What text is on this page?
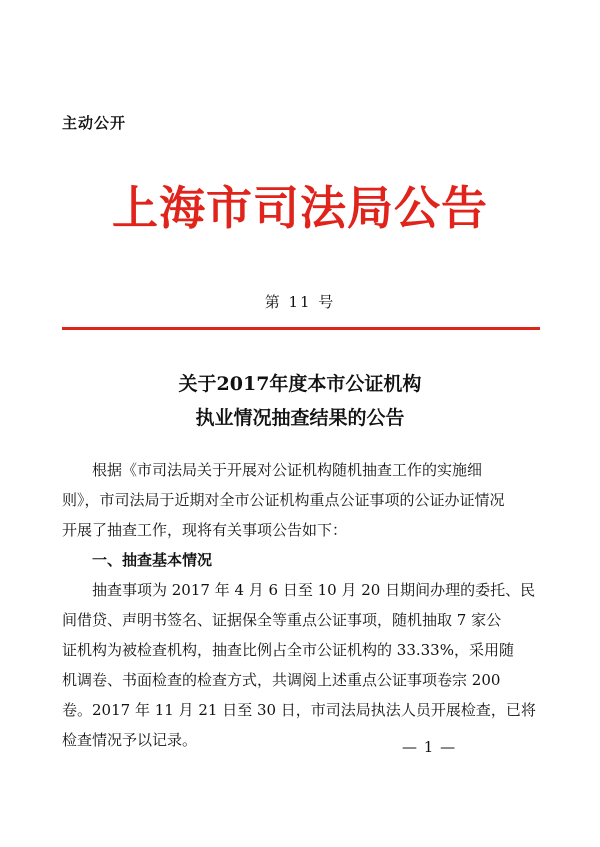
主动公开
上海市司法局公告
第 11 号
关于2017年度本市公证机构
执业情况抽查结果的公告
　　根据《市司法局关于开展对公证机构随机抽查工作的实施细
则》，市司法局于近期对全市公证机构重点公证事项的公证办证情况
开展了抽查工作，现将有关事项公告如下：
　　一、抽查基本情况
　　抽查事项为 2017 年 4 月 6 日至 10 月 20 日期间办理的委托、民
间借贷、声明书签名、证据保全等重点公证事项，随机抽取 7 家公
证机构为被检查机构，抽查比例占全市公证机构的 33.33%，采用随
机调卷、书面检查的检查方式，共调阅上述重点公证事项卷宗 200
卷。2017 年 11 月 21 日至 30 日，市司法局执法人员开展检查，已将
检查情况予以记录。	— 1 —
